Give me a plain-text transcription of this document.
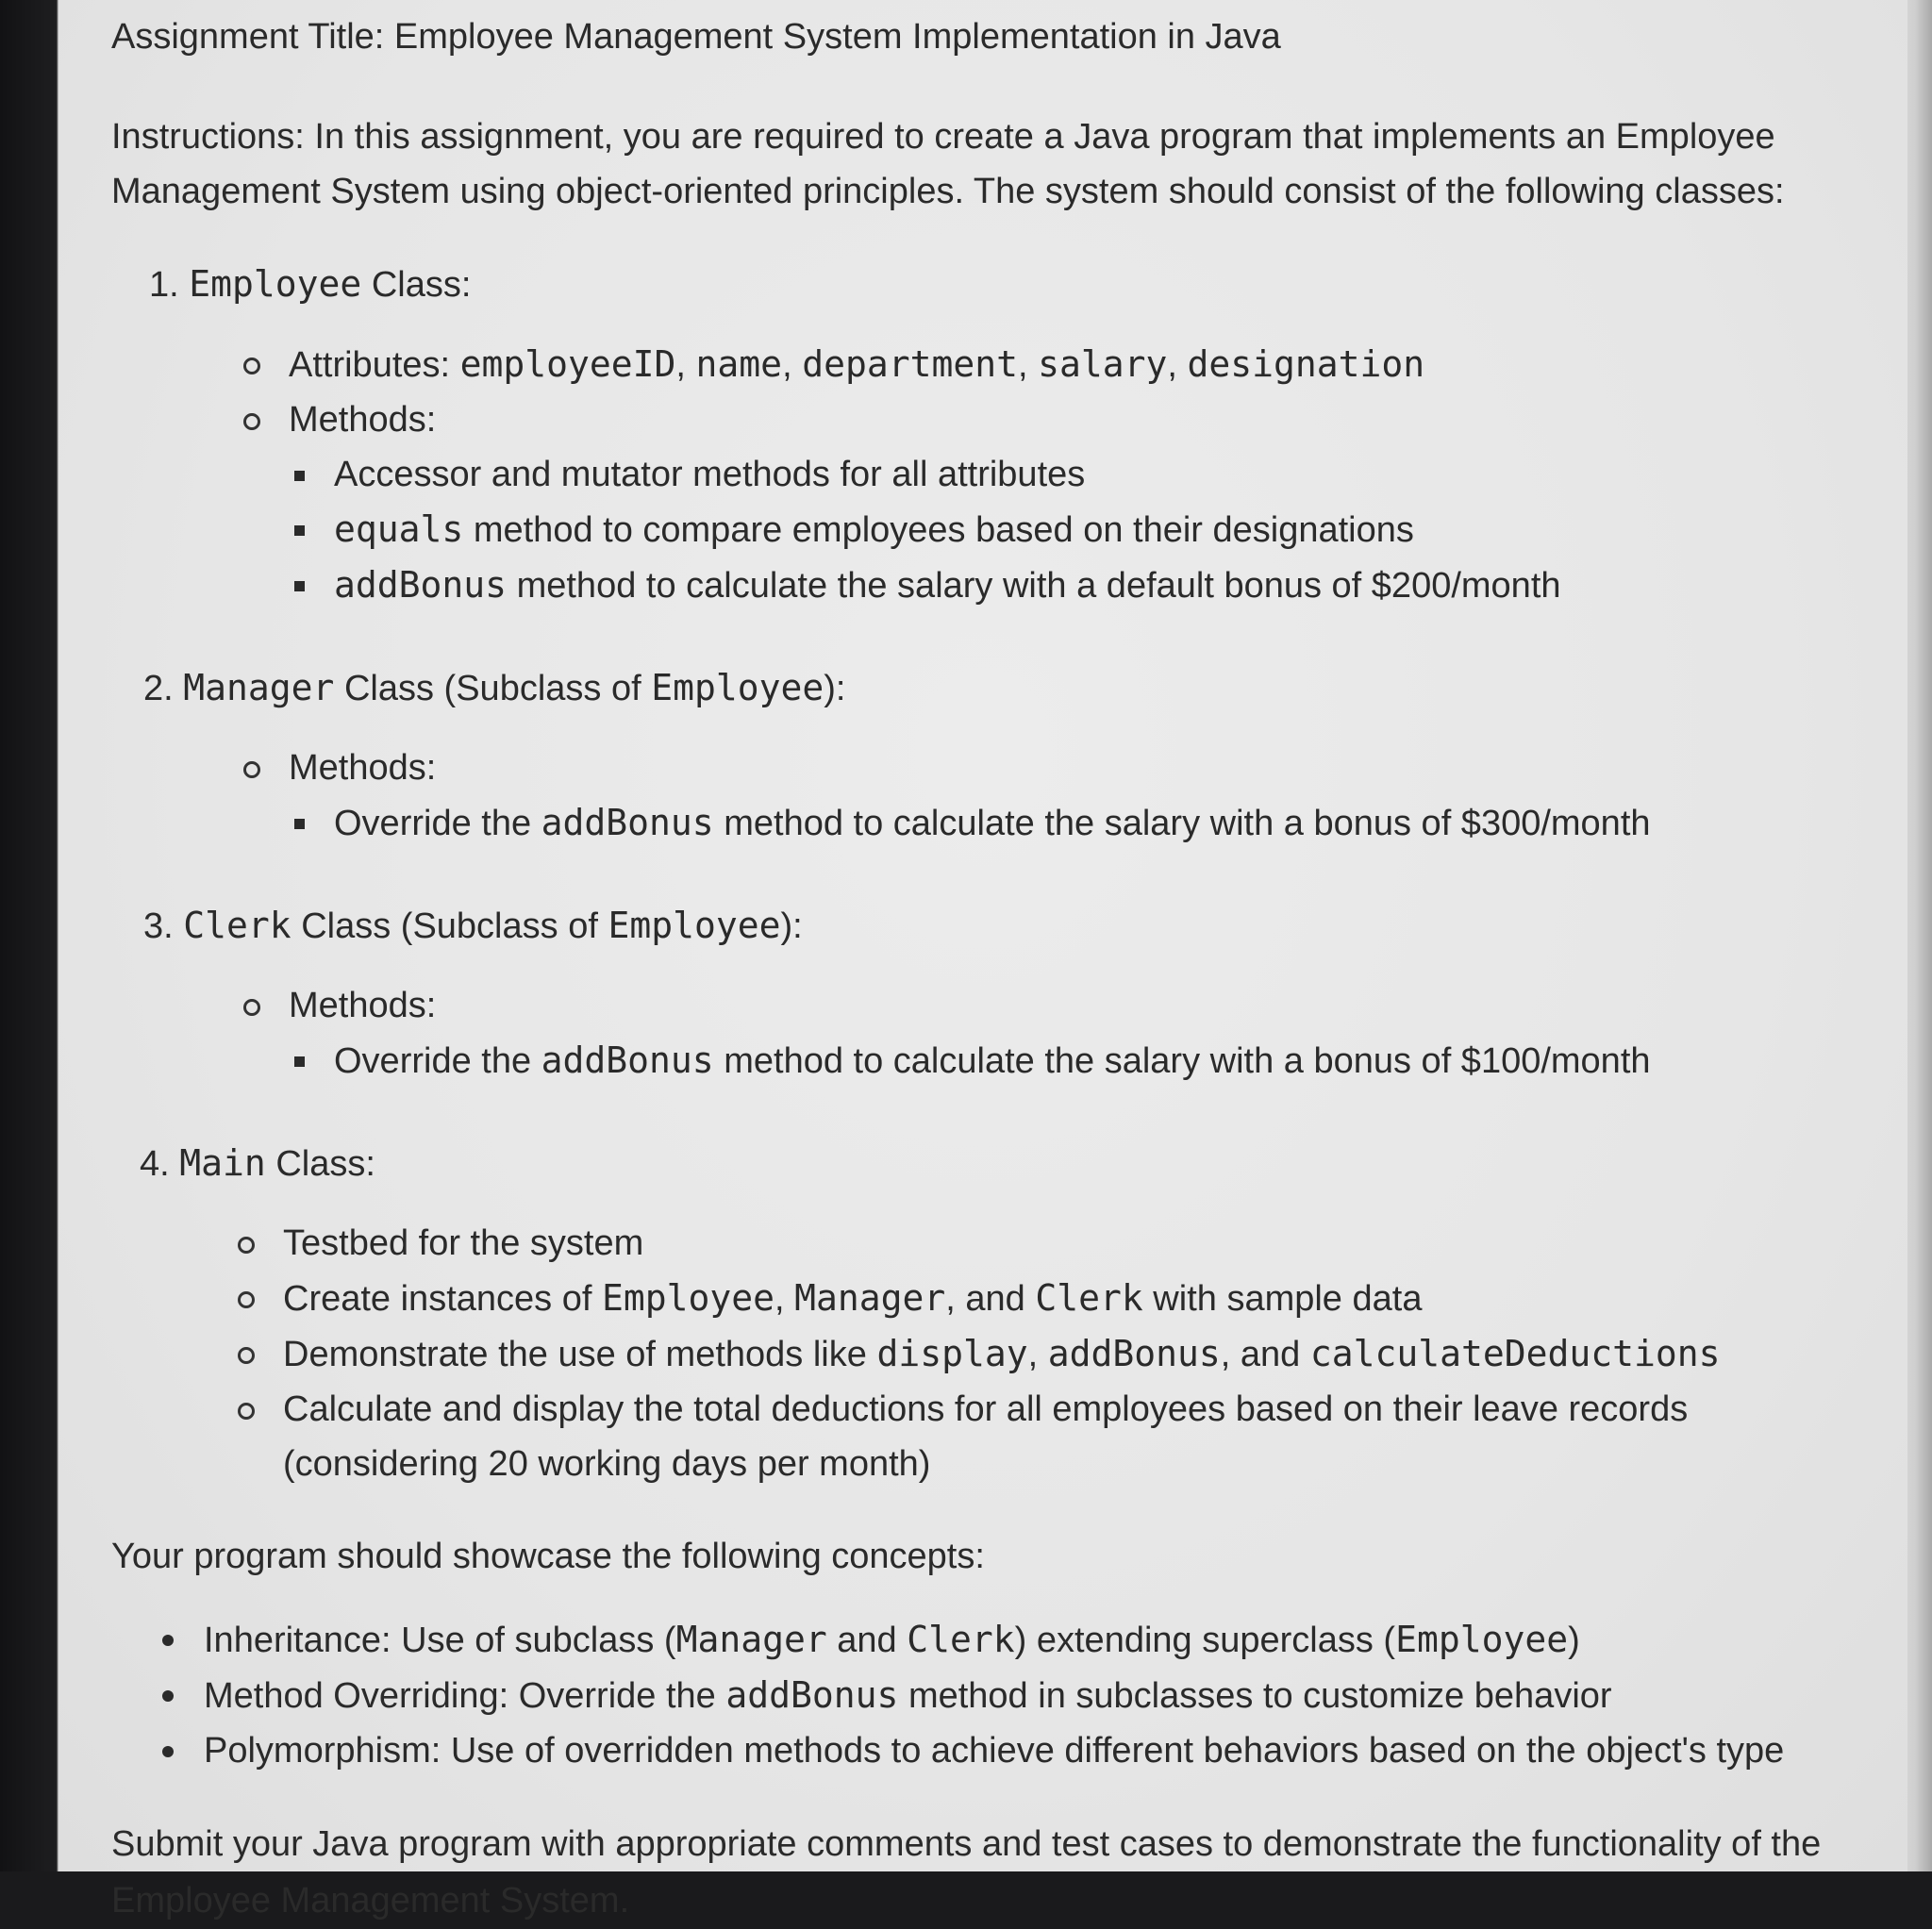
Assignment Title: Employee Management System Implementation in Java
Instructions: In this assignment, you are required to create a Java program that implements an Employee Management System using object-oriented principles. The system should consist of the following classes:
1. Employee Class:
Attributes: employeeID, name, department, salary, designation
Methods:
Accessor and mutator methods for all attributes
equals method to compare employees based on their designations
addBonus method to calculate the salary with a default bonus of $200/month
2. Manager Class (Subclass of Employee):
Methods:
Override the addBonus method to calculate the salary with a bonus of $300/month
3. Clerk Class (Subclass of Employee):
Methods:
Override the addBonus method to calculate the salary with a bonus of $100/month
4. Main Class:
Testbed for the system
Create instances of Employee, Manager, and Clerk with sample data
Demonstrate the use of methods like display, addBonus, and calculateDeductions
Calculate and display the total deductions for all employees based on their leave records (considering 20 working days per month)
Your program should showcase the following concepts:
Inheritance: Use of subclass (Manager and Clerk) extending superclass (Employee)
Method Overriding: Override the addBonus method in subclasses to customize behavior
Polymorphism: Use of overridden methods to achieve different behaviors based on the object's type
Submit your Java program with appropriate comments and test cases to demonstrate the functionality of the Employee Management System.
